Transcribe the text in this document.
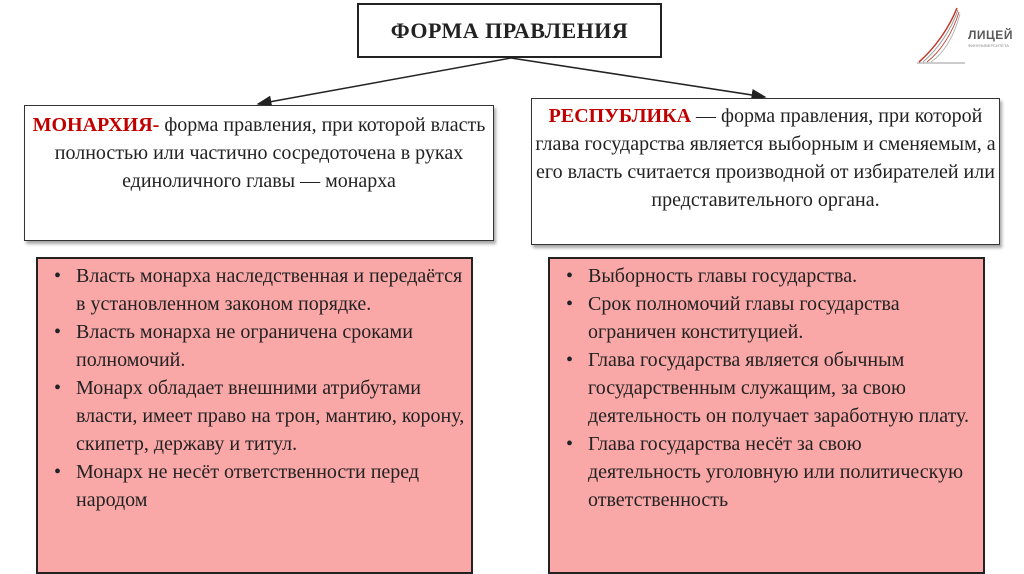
ФОРМА ПРАВЛЕНИЯ	ЛИЦЕЙ
ФИНУНИВЕРСИТЕТА
МОНАРХИЯ- форма правления, при которой власть полностью или частично сосредоточена в руках единоличного главы — монарха
РЕСПУБЛИКА — форма правления, при которой глава государства является выборным и сменяемым, а его власть считается производной от избирателей или представительного органа.
• Власть монарха наследственная и передаётся в установленном законом порядке.
• Власть монарха не ограничена сроками полномочий.
• Монарх обладает внешними атрибутами власти, имеет право на трон, мантию, корону, скипетр, державу и титул.
• Монарх не несёт ответственности перед народом
• Выборность главы государства.
• Срок полномочий главы государства ограничен конституцией.
• Глава государства является обычным государственным служащим, за свою деятельность он получает заработную плату.
• Глава государства несёт за свою деятельность уголовную или политическую ответственность
